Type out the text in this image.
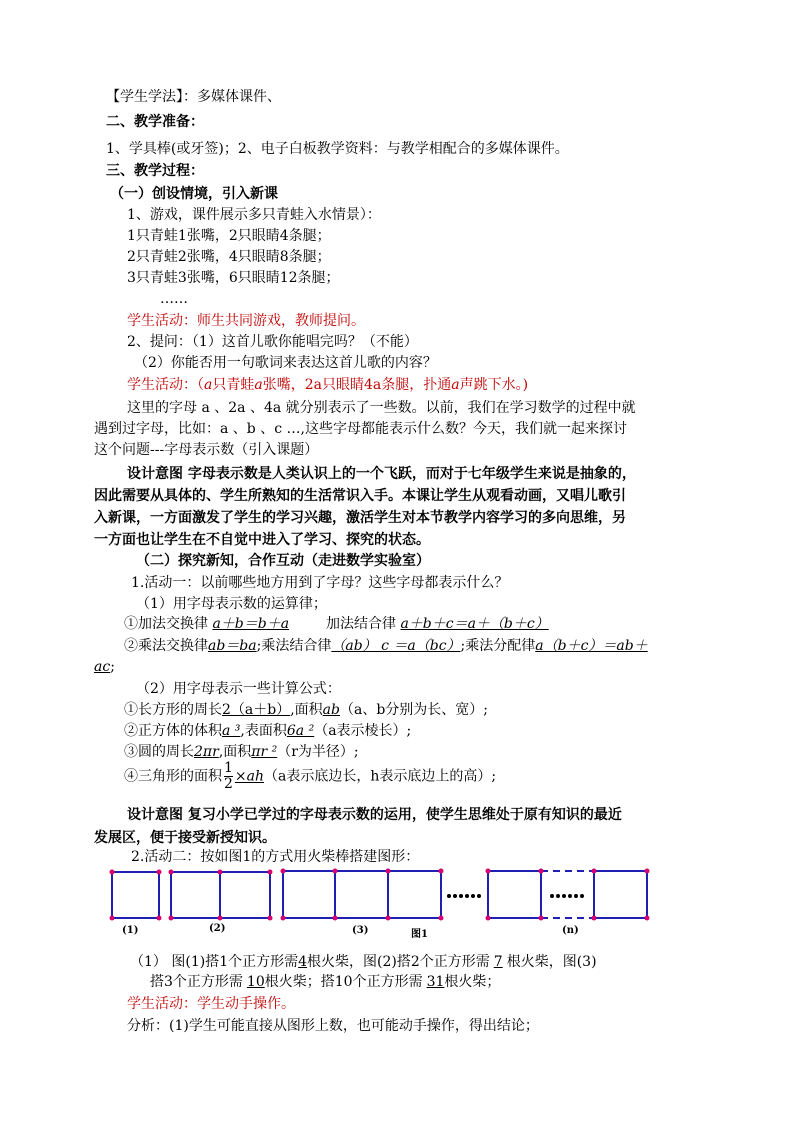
【学生学法】：多媒体课件、
二、教学准备：
1、学具棒(或牙签)；2、电子白板教学资料：与教学相配合的多媒体课件。
三、教学过程：
（一）创设情境，引入新课
1、游戏，课件展示多只青蛙入水情景）：
1只青蛙1张嘴，2只眼睛4条腿；
2只青蛙2张嘴，4只眼睛8条腿；
3只青蛙3张嘴，6只眼睛12条腿；
……
学生活动：师生共同游戏，教师提问。
2、提问：（1）这首儿歌你能唱完吗？（不能）
（2）你能否用一句歌词来表达这首儿歌的内容？
学生活动：（a只青蛙a张嘴，2a只眼睛4a条腿，扑通a声跳下水。)
这里的字母 a 、2a 、4a 就分别表示了一些数。以前，我们在学习数学的过程中就
遇到过字母，比如：a 、b 、c …,这些字母都能表示什么数？今天，我们就一起来探讨
这个问题---字母表示数（引入课题）
设计意图 字母表示数是人类认识上的一个飞跃，而对于七年级学生来说是抽象的，
因此需要从具体的、学生所熟知的生活常识入手。本课让学生从观看动画，又唱儿歌引
入新课，一方面激发了学生的学习兴趣，激活学生对本节教学内容学习的多向思维，另
一方面也让学生在不自觉中进入了学习、探究的状态。
（二）探究新知，合作互动（走进数学实验室）
1.活动一：以前哪些地方用到了字母？这些字母都表示什么？
（1）用字母表示数的运算律；
①加法交换律 a＋b＝b＋a	加法结合律 a＋b＋c＝a＋（b＋c）
②乘法交换律ab＝ba;乘法结合律（ab） c ＝a（bc）;乘法分配律a（b＋c）＝ab＋
ac;
（2）用字母表示一些计算公式：
①长方形的周长2（a＋b）,面积ab（a、b分别为长、宽）;
②正方体的体积a ³,表面积6a ²（a表示棱长）;
③圆的周长2πr,面积πr ²（r为半径）;
④三角形的面积 $\frac{1}{2} \times ah(a$表示底边长，h表示底边上的高）;
设计意图 复习小学已学过的字母表示数的运用，使学生思维处于原有知识的最近
发展区，便于接受新授知识。
2.活动二：按如图1的方式用火柴棒搭建图形：
(1)	(2)	(3)	图1	(n)
（1） 图(1)搭1个正方形需4根火柴，图(2)搭2个正方形需 7 根火柴，图(3)
搭3个正方形需 10根火柴；搭10个正方形需 31根火柴；
学生活动：学生动手操作。
分析：(1)学生可能直接从图形上数，也可能动手操作，得出结论；
